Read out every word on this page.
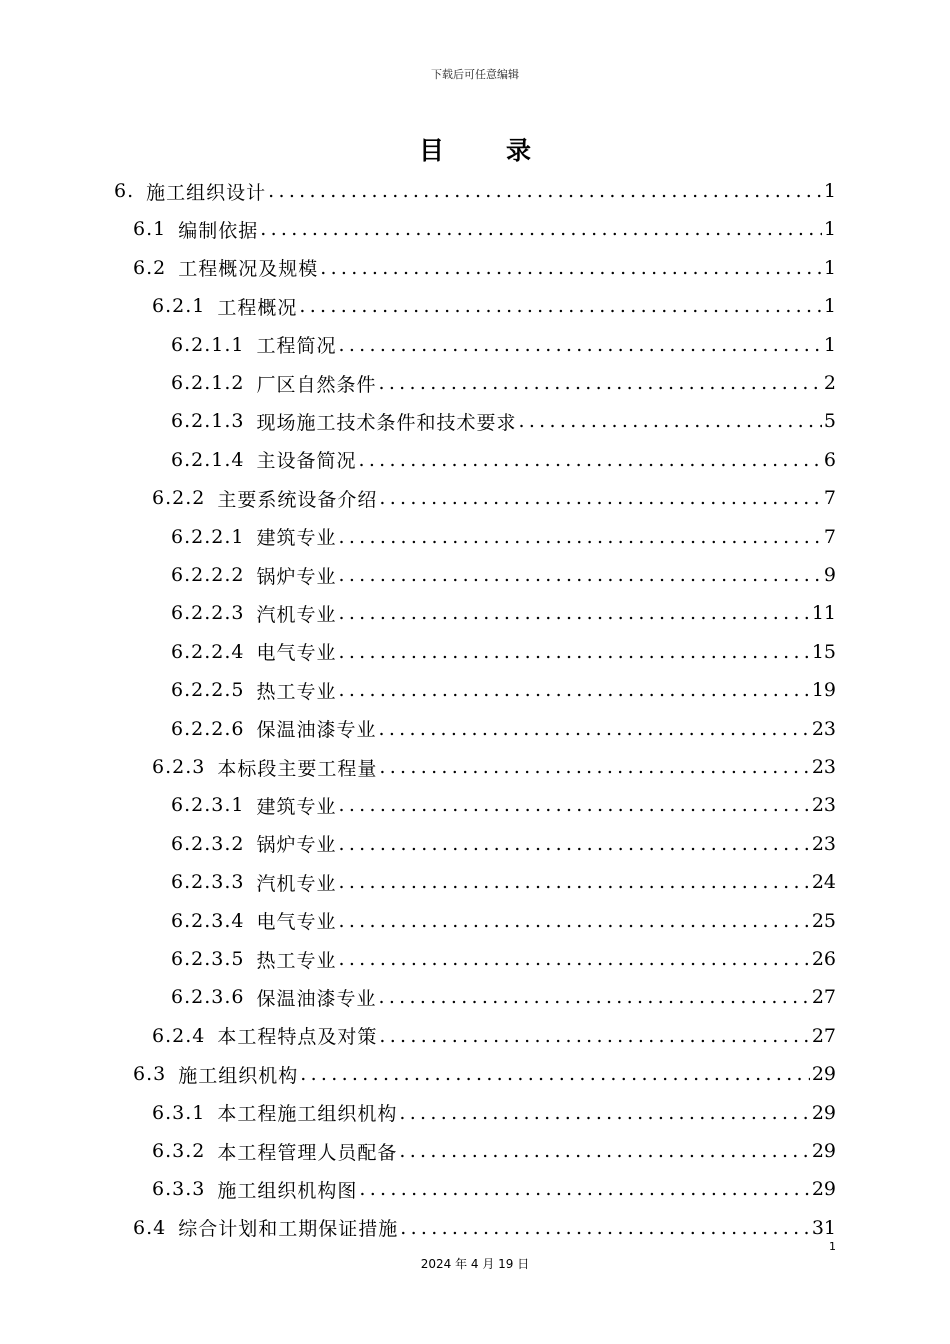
下载后可任意编辑
目录
6. 施工组织设计 .....	1
6.1 编制依据 .....	1
6.2 工程概况及规模 .....	1
6.2.1 工程概况 .....	1
6.2.1.1 工程简况 .....	1
6.2.1.2 厂区自然条件 .....	2
6.2.1.3 现场施工技术条件和技术要求 .....	5
6.2.1.4 主设备简况 .....	6
6.2.2 主要系统设备介绍 .....	7
6.2.2.1 建筑专业 .....	7
6.2.2.2 锅炉专业 .....	9
6.2.2.3 汽机专业 .....	11
6.2.2.4 电气专业 .....	15
6.2.2.5 热工专业 .....	19
6.2.2.6 保温油漆专业 .....	23
6.2.3 本标段主要工程量 .....	23
6.2.3.1 建筑专业 .....	23
6.2.3.2 锅炉专业 .....	23
6.2.3.3 汽机专业 .....	24
6.2.3.4 电气专业 .....	25
6.2.3.5 热工专业 .....	26
6.2.3.6 保温油漆专业 .....	27
6.2.4 本工程特点及对策 .....	27
6.3 施工组织机构 .....	29
6.3.1 本工程施工组织机构 .....	29
6.3.2 本工程管理人员配备 .....	29
6.3.3 施工组织机构图 .....	29
6.4 综合计划和工期保证措施 .....	31
1
2024 年 4 月 19 日
